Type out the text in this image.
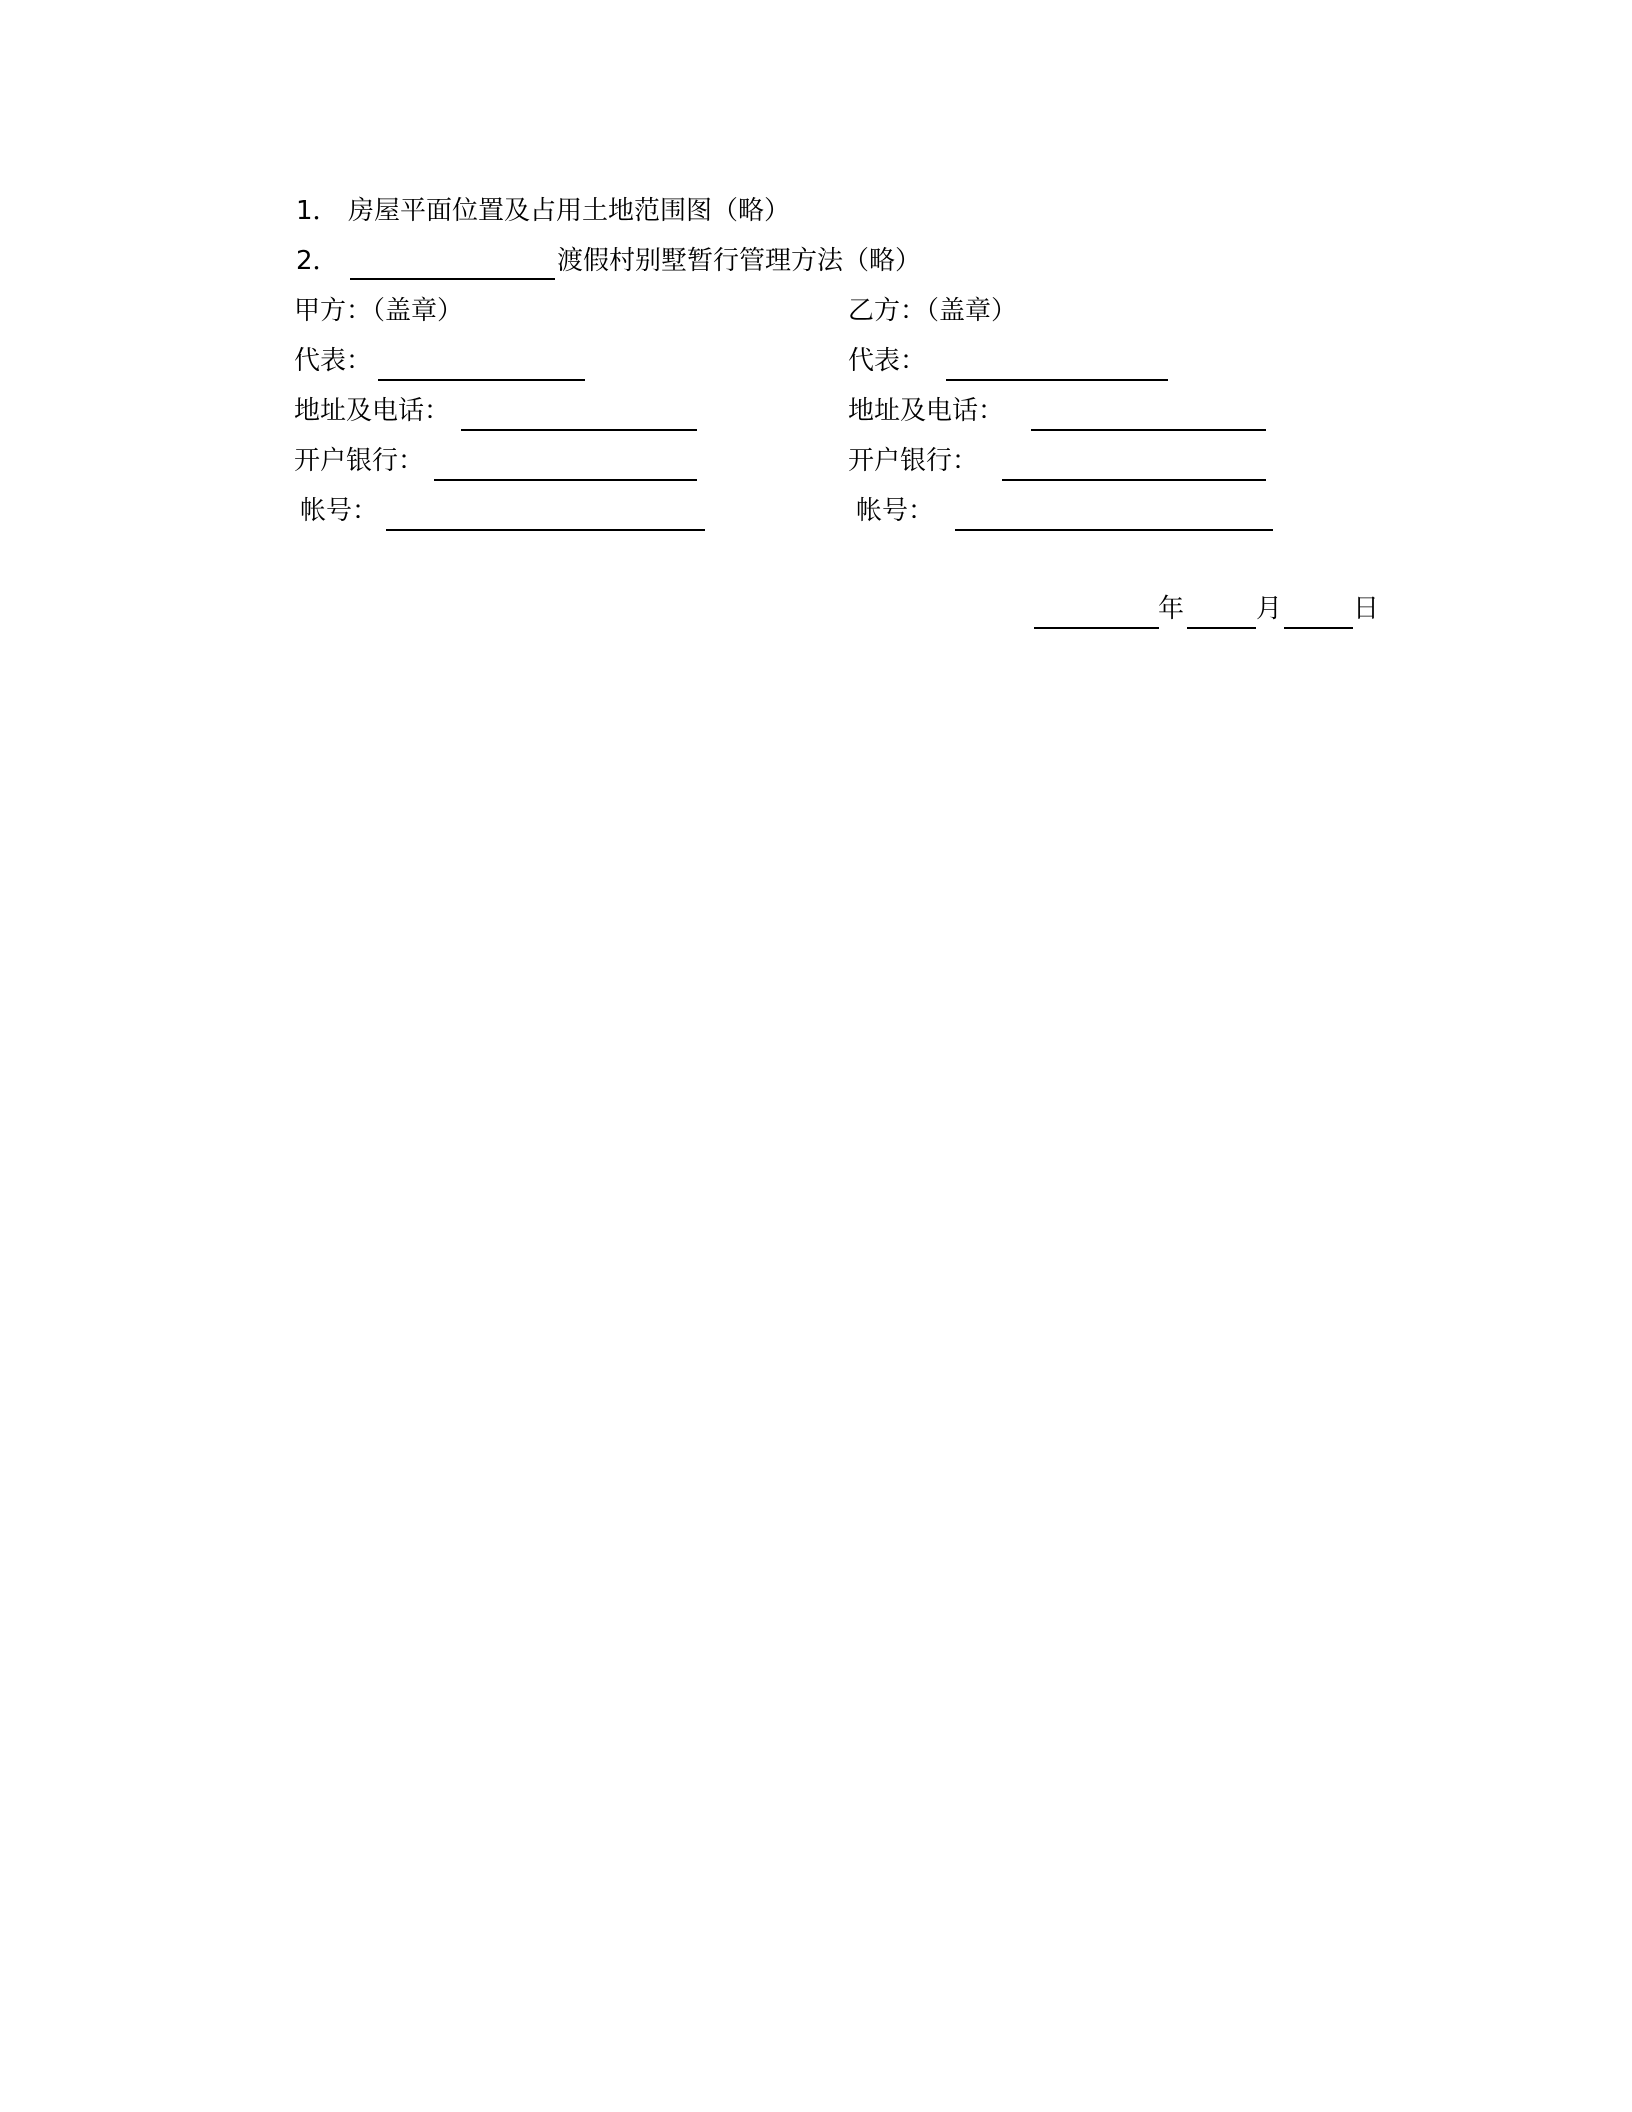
1． 房屋平面位置及占用土地范围图（略）
2．	渡假村别墅暂行管理方法（略）
甲方：（盖章）
代表：
地址及电话：
开户银行：
帐号：
乙方：（盖章）
代表：
地址及电话：
开户银行：
帐号：
年	月	日
